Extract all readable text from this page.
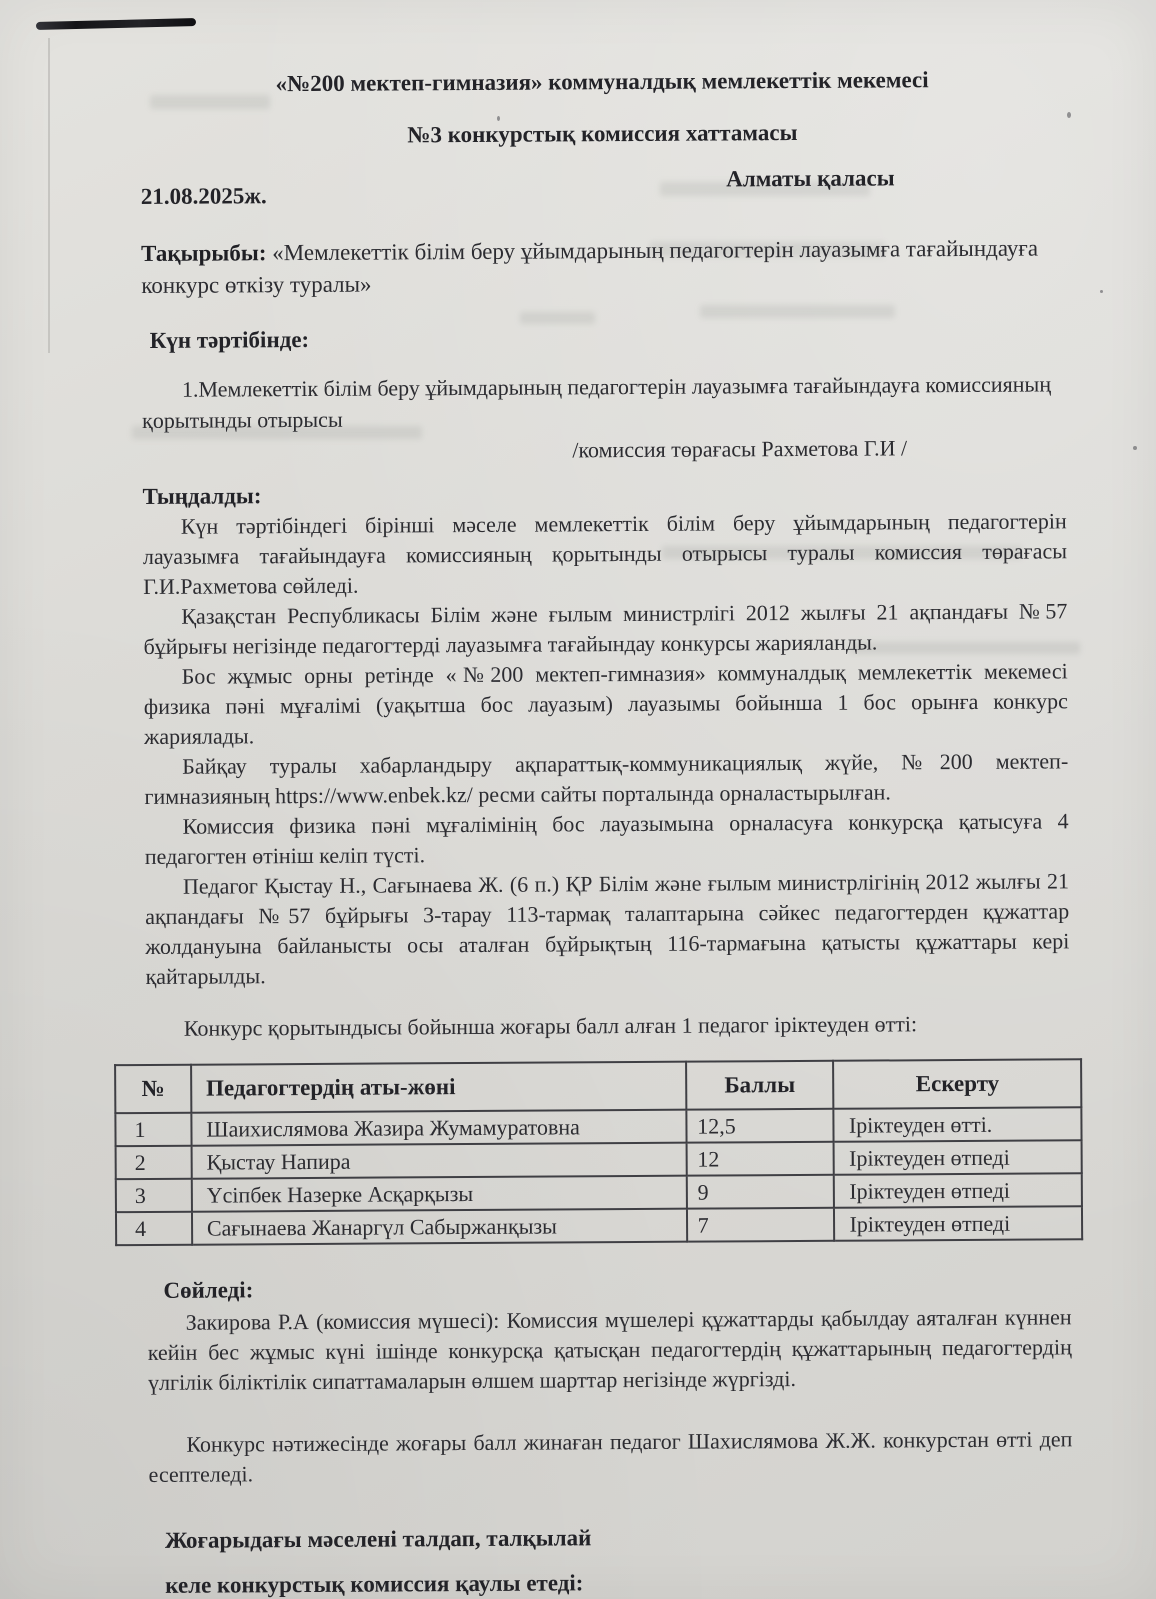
«№200 мектеп-гимназия» коммуналдық мемлекеттік мекемесі
№3 конкурстық комиссия хаттамасы
21.08.2025ж.
Алматы қаласы

Тақырыбы: «Мемлекеттік білім беру ұйымдарының педагогтерін лауазымға тағайындауға конкурс өткізу туралы»

Күн тәртібінде:

1.Мемлекеттік білім беру ұйымдарының педагогтерін лауазымға тағайындауға комиссияның қорытынды отырысы

/комиссия төрағасы Рахметова Г.И /

Тыңдалды:

Күн тәртібіндегі бірінші мәселе мемлекеттік білім беру ұйымдарының педагогтерін лауазымға тағайындауға комиссияның қорытынды отырысы туралы комиссия төрағасы Г.И.Рахметова сөйледі.

Қазақстан Республикасы Білім және ғылым министрлігі 2012 жылғы 21 ақпандағы №57 бұйрығы негізінде педагогтерді лауазымға тағайындау конкурсы жарияланды.

Бос жұмыс орны ретінде «№200 мектеп-гимназия» коммуналдық мемлекеттік мекемесі физика пәні мұғалімі (уақытша бос лауазым) лауазымы бойынша 1 бос орынға конкурс жариялады.

Байқау туралы хабарландыру ақпараттық-коммуникациялық жүйе, №200 мектеп-гимназияның https://www.enbek.kz/ ресми сайты порталында орналастырылған.

Комиссия физика пәні мұғалімінің бос лауазымына орналасуға конкурсқа қатысуға 4 педагогтен өтініш келіп түсті.

Педагог Қыстау Н., Сағынаева Ж. (6 п.) ҚР Білім және ғылым министрлігінің 2012 жылғы 21 ақпандағы №57 бұйрығы 3-тарау 113-тармақ талаптарына сәйкес педагогтерден құжаттар жолдануына байланысты осы аталған бұйрықтың 116-тармағына қатысты құжаттары кері қайтарылды.

Конкурс қорытындысы бойынша жоғары балл алған 1 педагог іріктеуден өтті:

№	Педагогтердің аты-жөні	Баллы	Ескерту
1	Шаихислямова Жазира Жумамуратовна	12,5	Іріктеуден өтті.
2	Қыстау Напира	12	Іріктеуден өтпеді
3	Үсіпбек Назерке Асқарқызы	9	Іріктеуден өтпеді
4	Сағынаева Жанаргүл Сабыржанқызы	7	Іріктеуден өтпеді

Сөйледі:

Закирова Р.А (комиссия мүшесі): Комиссия мүшелері құжаттарды қабылдау аяталған күннен кейін бес жұмыс күні ішінде конкурсқа қатысқан педагогтердің құжаттарының педагогтердің үлгілік біліктілік сипаттамаларын өлшем шарттар негізінде жүргізді.

Конкурс нәтижесінде жоғары балл жинаған педагог Шахислямова Ж.Ж. конкурстан өтті деп есептеледі.

Жоғарыдағы мәселені талдап, талқылай

келе конкурстық комиссия қаулы етеді:
